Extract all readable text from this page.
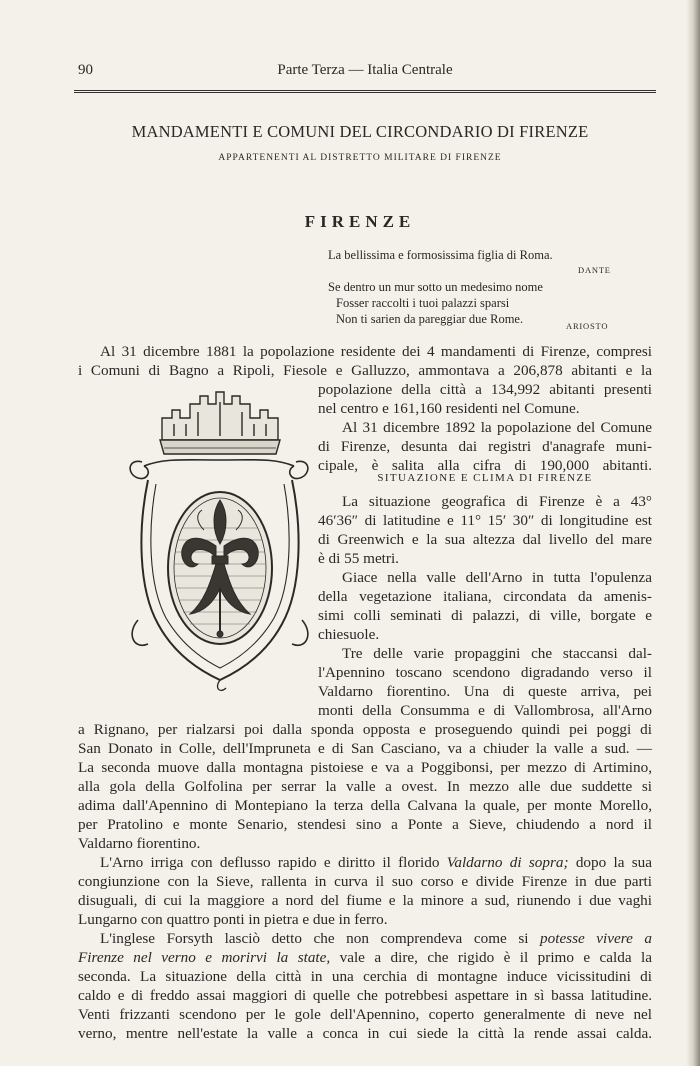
90	Parte Terza — Italia Centrale
MANDAMENTI E COMUNI DEL CIRCONDARIO DI FIRENZE
APPARTENENTI AL DISTRETTO MILITARE DI FIRENZE
FIRENZE
La bellissima e formosissima figlia di Roma.
DANTE
Se dentro un mur sotto un medesimo nome
Fosser raccolti i tuoi palazzi sparsi
Non ti sarien da pareggiar due Rome.	ARIOSTO
Al 31 dicembre 1881 la popolazione residente dei 4 mandamenti di Firenze, compresi
i Comuni di Bagno a Ripoli, Fiesole e Galluzzo, ammontava a 206,878 abitanti e la
popolazione della città a 134,992 abitanti presenti
nel centro e 161,160 residenti nel Comune.
Al 31 dicembre 1892 la popolazione del Comune
di Firenze, desunta dai registri d'anagrafe muni-
cipale, è salita alla cifra di 190,000 abitanti.
SITUAZIONE E CLIMA DI FIRENZE
La situazione geografica di Firenze è a 43°
46′36″ di latitudine e 11° 15′ 30″ di longitudine est
di Greenwich e la sua altezza dal livello del mare
è di 55 metri.
Giace nella valle dell'Arno in tutta l'opulenza
della vegetazione italiana, circondata da amenis-
simi colli seminati di palazzi, di ville, borgate e
chiesuole.
Tre delle varie propaggini che staccansi dal-
l'Apennino toscano scendono digradando verso il
Valdarno fiorentino. Una di queste arriva, pei
monti della Consumma e di Vallombrosa, all'Arno
a Rignano, per rialzarsi poi dalla sponda opposta e proseguendo quindi pei poggi di
San Donato in Colle, dell'Impruneta e di San Casciano, va a chiuder la valle a sud. —
La seconda muove dalla montagna pistoiese e va a Poggibonsi, per mezzo di Artimino,
alla gola della Golfolina per serrar la valle a ovest. In mezzo alle due suddette si
adima dall'Apennino di Montepiano la terza della Calvana la quale, per monte Morello,
per Pratolino e monte Senario, stendesi sino a Ponte a Sieve, chiudendo a nord il
Valdarno fiorentino.
L'Arno irriga con deflusso rapido e diritto il florido Valdarno di sopra; dopo la sua
congiunzione con la Sieve, rallenta in curva il suo corso e divide Firenze in due parti
disuguali, di cui la maggiore a nord del fiume e la minore a sud, riunendo i due vaghi
Lungarno con quattro ponti in pietra e due in ferro.
L'inglese Forsyth lasciò detto che non comprendeva come si potesse vivere a
Firenze nel verno e morirvi la state, vale a dire, che rigido è il primo e calda la
seconda. La situazione della città in una cerchia di montagne induce vicissitudini di
caldo e di freddo assai maggiori di quelle che potrebbesi aspettare in sì bassa latitudine.
Venti frizzanti scendono per le gole dell'Apennino, coperto generalmente di neve nel
verno, mentre nell'estate la valle a conca in cui siede la città la rende assai calda.
